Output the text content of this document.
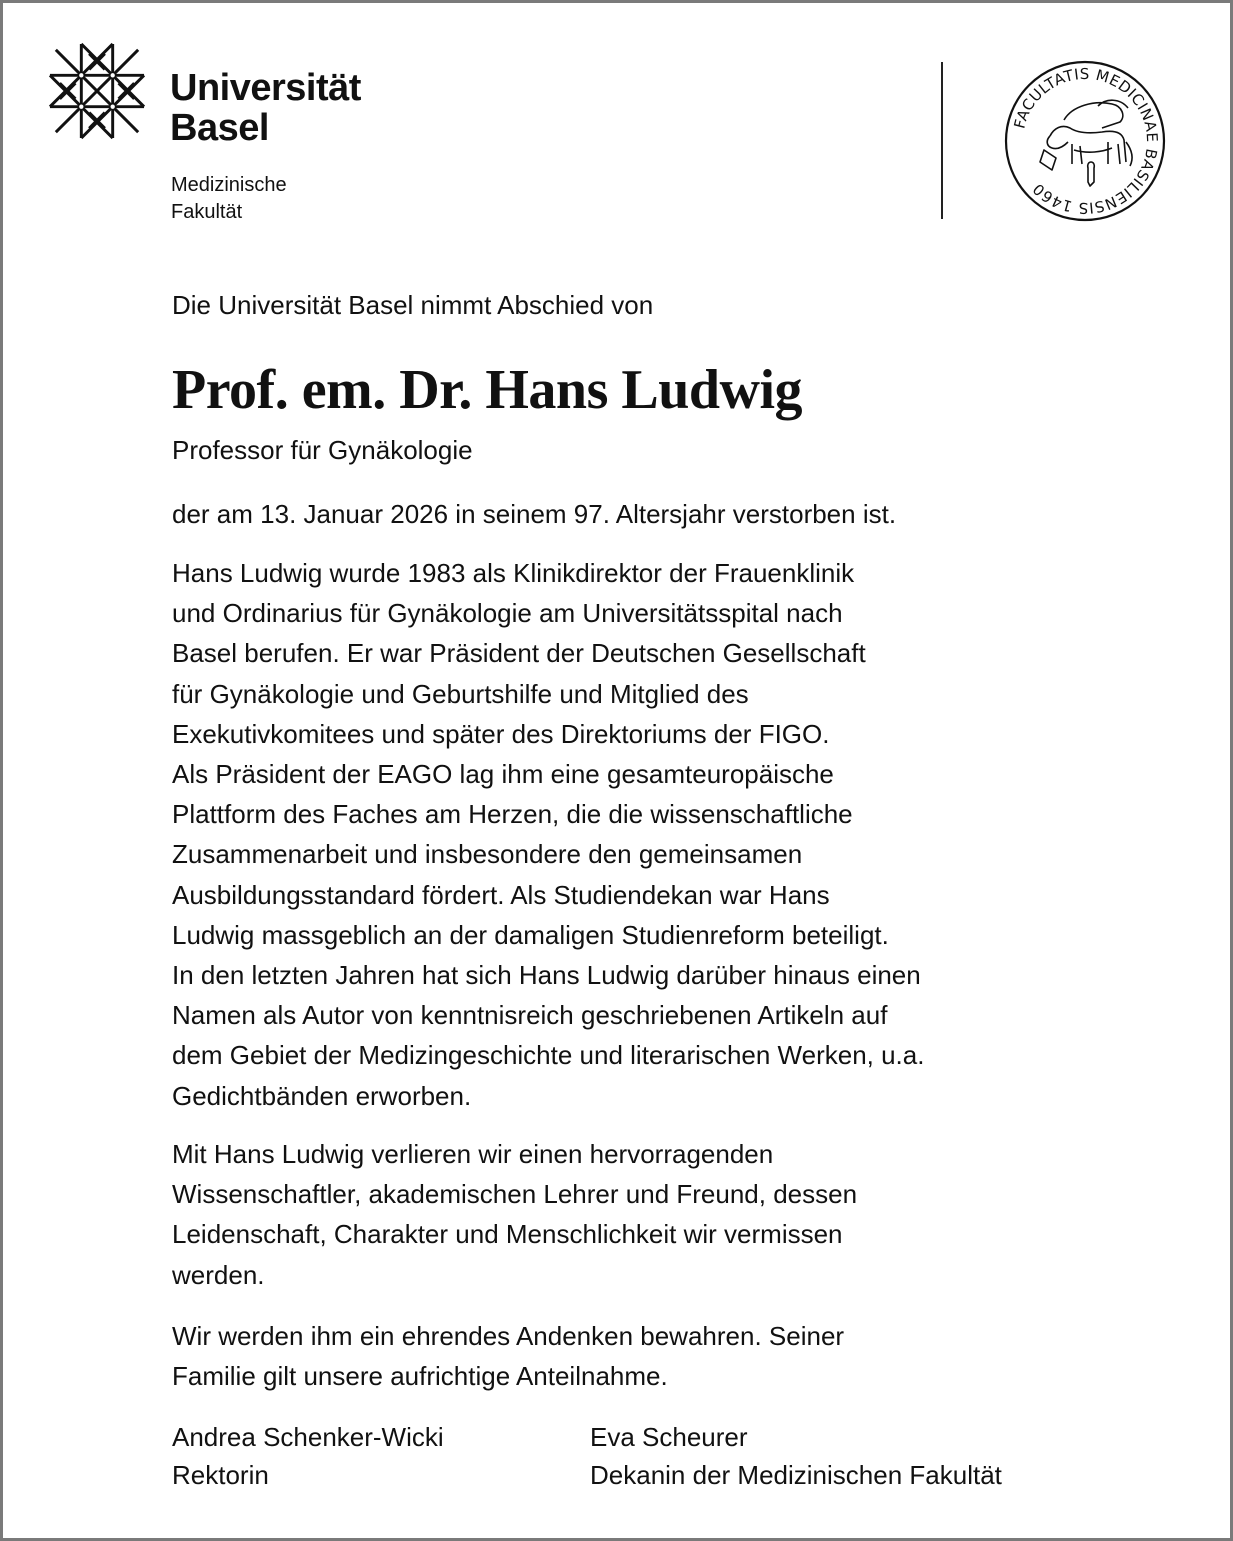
Universität
Basel
Medizinische
Fakultät
FACULTATIS MEDICINAE BASILIENSIS 1460
Die Universität Basel nimmt Abschied von
Prof. em. Dr. Hans Ludwig
Professor für Gynäkologie
der am 13. Januar 2026 in seinem 97. Altersjahr verstorben ist.
Hans Ludwig wurde 1983 als Klinikdirektor der Frauenklinik
und Ordinarius für Gynäkologie am Universitätsspital nach
Basel berufen. Er war Präsident der Deutschen Gesellschaft
für Gynäkologie und Geburtshilfe und Mitglied des
Exekutivkomitees und später des Direktoriums der FIGO.
Als Präsident der EAGO lag ihm eine gesamteuropäische
Plattform des Faches am Herzen, die die wissenschaftliche
Zusammenarbeit und insbesondere den gemeinsamen
Ausbildungsstandard fördert. Als Studiendekan war Hans
Ludwig massgeblich an der damaligen Studienreform beteiligt.
In den letzten Jahren hat sich Hans Ludwig darüber hinaus einen
Namen als Autor von kenntnisreich geschriebenen Artikeln auf
dem Gebiet der Medizingeschichte und literarischen Werken, u.a.
Gedichtbänden erworben.
Mit Hans Ludwig verlieren wir einen hervorragenden
Wissenschaftler, akademischen Lehrer und Freund, dessen
Leidenschaft, Charakter und Menschlichkeit wir vermissen
werden.
Wir werden ihm ein ehrendes Andenken bewahren. Seiner
Familie gilt unsere aufrichtige Anteilnahme.
Andrea Schenker-Wicki
Rektorin
Eva Scheurer
Dekanin der Medizinischen Fakultät
